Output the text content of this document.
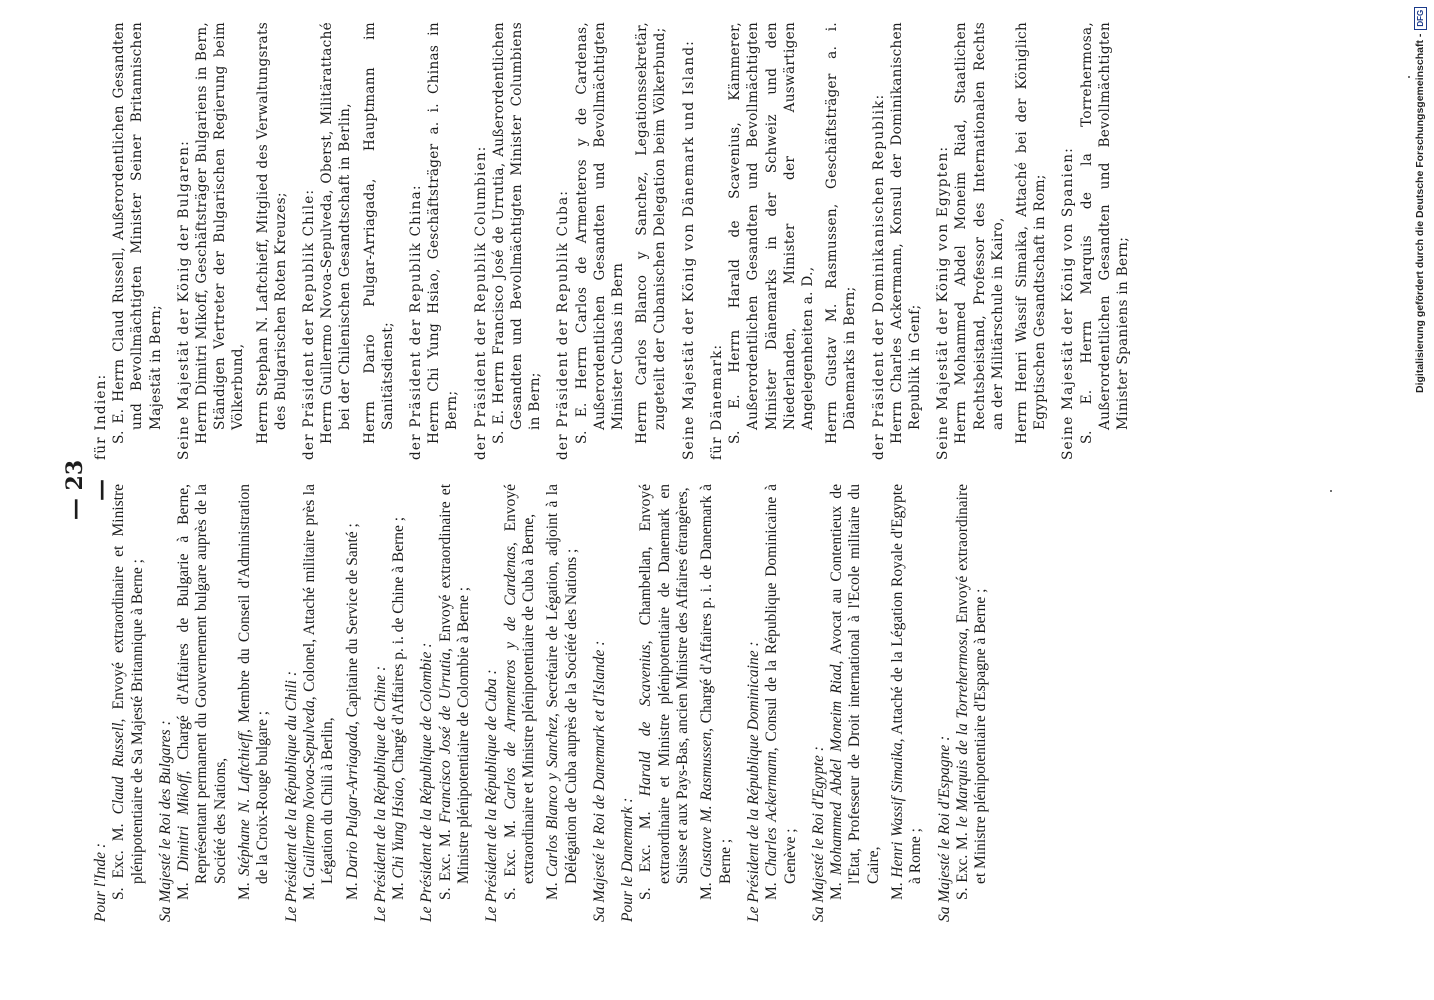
— 23 —
Pour l'Inde : S. Exc. M. Claud Russell, Envoyé extraordinaire et Ministre plénipotentiaire de Sa Majesté Britannique à Berne ; Sa Majesté le Roi des Bulgares : M. Dimitri Mikoff, Chargé d'Affaires de Bulgarie à Berne, Représentant permanent du Gouvernement bulgare auprès de la Société des Nations,
M. Stéphane N. Laftchieff, Membre du Conseil d'Administration de la Croix-Rouge bulgare ; Le Président de la République du Chili : M. Guillermo Novoa-Sepulveda, Colonel, Attaché militaire près la Légation du Chili à Berlin,
M. Dario Pulgar-Arriagada, Capitaine du Service de Santé ;
Le Président de la République de Chine : M. Chi Yung Hsiao, Chargé d'Affaires p. i. de Chine à Berne ; Le Président de la République de Colombie : S. Exc. M. Francisco José de Urrutia, Envoyé extraordinaire et Ministre plénipotentiaire de Colombie à Berne ; Le Président de la République de Cuba : S. Exc. M. Carlos de Armenteros y de Cardenas, Envoyé extraordinaire et Ministre plénipotentiaire de Cuba à Berne,
M. Carlos Blanco y Sanchez, Secrétaire de Légation, adjoint à la Délégation de Cuba auprès de la Société des Nations ; Sa Majesté le Roi de Danemark et d'Islande : Pour le Danemark : S. Exc. M. Harald de Scavenius, Chambellan, Envoyé extraordinaire et Ministre plénipotentiaire de Danemark en Suisse et aux Pays-Bas, ancien Ministre des Affaires étrangères,
M. Gustave M. Rasmussen, Chargé d'Affaires p. i. de Danemark à Berne ; Le Président de la République Dominicaine : M. Charles Ackermann, Consul de la République Dominicaine à Genève ; Sa Majesté le Roi d'Egypte : M. Mohammed Abdel Moneim Riad, Avocat au Contentieux de l'Etat, Professeur de Droit international à l'Ecole militaire du Caire,
M. Henri Wassif Simaika, Attaché de la Légation Royale d'Egypte à Rome ; Sa Majesté le Roi d'Espagne : S. Exc. M. le Marquis de la Torrehermosa, Envoyé extraordinaire et Ministre plénipotentiaire d'Espagne à Berne ;
für Indien: S. E. Herrn Claud Russell, Außerordentlichen Gesandten und Bevollmächtigten Minister Seiner Britannischen Majestät in Bern; Seine Majestät der König der Bulgaren: Herrn Dimitri Mikoff, Geschäftsträger Bulgariens in Bern, Ständigen Vertreter der Bulgarischen Regierung beim Völkerbund, Herrn Stephan N. Laftchieff, Mitglied des Verwaltungsrats des Bulgarischen Roten Kreuzes; der Präsident der Republik Chile: Herrn Guillermo Novoa-Sepulveda, Oberst, Militärattaché bei der Chilenischen Gesandtschaft in Berlin, Herrn Dario Pulgar-Arriagada, Hauptmann im Sanitätsdienst; der Präsident der Republik China: Herrn Chi Yung Hsiao, Geschäftsträger a. i. Chinas in Bern; der Präsident der Republik Columbien: S. E. Herrn Francisco José de Urrutia, Außerordentlichen Gesandten und Bevollmächtigten Minister Columbiens in Bern; der Präsident der Republik Cuba: S. E. Herrn Carlos de Armenteros y de Cardenas, Außerordentlichen Gesandten und Bevollmächtigten Minister Cubas in Bern Herrn Carlos Blanco y Sanchez, Legationssekretär, zugeteilt der Cubanischen Delegation beim Völkerbund; Seine Majestät der König von Dänemark und Island: für Dänemark: S. E. Herrn Harald de Scavenius, Kämmerer, Außerordentlichen Gesandten und Bevollmächtigten Minister Dänemarks in der Schweiz und den Niederlanden, Minister der Auswärtigen Angelegenheiten a. D., Herrn Gustav M. Rasmussen, Geschäftsträger a. i. Dänemarks in Bern; der Präsident der Dominikanischen Republik: Herrn Charles Ackermann, Konsul der Dominikanischen Republik in Genf; Seine Majestät der König von Egypten: Herrn Mohammed Abdel Moneim Riad, Staatlichen Rechtsbeistand, Professor des Internationalen Rechts an der Militärschule in Kairo, Herrn Henri Wassif Simaika, Attaché bei der Königlich Egyptischen Gesandtschaft in Rom; Seine Majestät der König von Spanien: S. E. Herrn Marquis de la Torrehermosa, Außerordentlichen Gesandten und Bevollmächtigten Minister Spaniens in Bern;	Digitalisierung gefördert durch die Deutsche Forschungsgemeinschaft -
DFG
